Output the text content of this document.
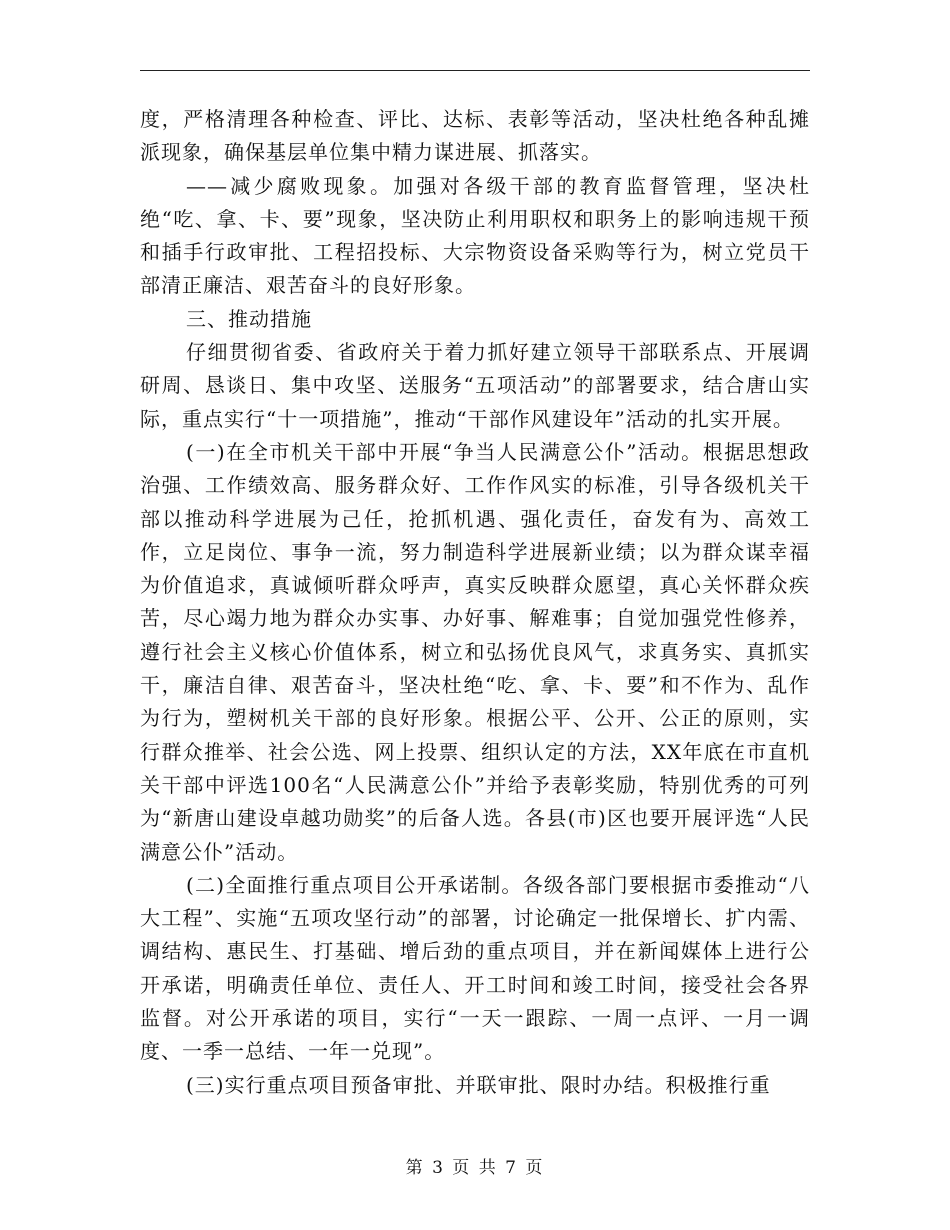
度，严格清理各种检查、评比、达标、表彰等活动，坚决杜绝各种乱摊派现象，确保基层单位集中精力谋进展、抓落实。

——减少腐败现象。加强对各级干部的教育监督管理，坚决杜绝“吃、拿、卡、要”现象，坚决防止利用职权和职务上的影响违规干预和插手行政审批、工程招投标、大宗物资设备采购等行为，树立党员干部清正廉洁、艰苦奋斗的良好形象。

三、推动措施

仔细贯彻省委、省政府关于着力抓好建立领导干部联系点、开展调研周、恳谈日、集中攻坚、送服务“五项活动”的部署要求，结合唐山实际，重点实行“十一项措施”，推动“干部作风建设年”活动的扎实开展。

(一)在全市机关干部中开展“争当人民满意公仆”活动。根据思想政治强、工作绩效高、服务群众好、工作作风实的标准，引导各级机关干部以推动科学进展为己任，抢抓机遇、强化责任，奋发有为、高效工作，立足岗位、事争一流，努力制造科学进展新业绩；以为群众谋幸福为价值追求，真诚倾听群众呼声，真实反映群众愿望，真心关怀群众疾苦，尽心竭力地为群众办实事、办好事、解难事；自觉加强党性修养，遵行社会主义核心价值体系，树立和弘扬优良风气，求真务实、真抓实干，廉洁自律、艰苦奋斗，坚决杜绝“吃、拿、卡、要”和不作为、乱作为行为，塑树机关干部的良好形象。根据公平、公开、公正的原则，实行群众推举、社会公选、网上投票、组织认定的方法，XX年底在市直机关干部中评选100名“人民满意公仆”并给予表彰奖励，特别优秀的可列为“新唐山建设卓越功勋奖”的后备人选。各县(市)区也要开展评选“人民满意公仆”活动。

(二)全面推行重点项目公开承诺制。各级各部门要根据市委推动“八大工程”、实施“五项攻坚行动”的部署，讨论确定一批保增长、扩内需、调结构、惠民生、打基础、增后劲的重点项目，并在新闻媒体上进行公开承诺，明确责任单位、责任人、开工时间和竣工时间，接受社会各界监督。对公开承诺的项目，实行“一天一跟踪、一周一点评、一月一调度、一季一总结、一年一兑现”。

(三)实行重点项目预备审批、并联审批、限时办结。积极推行重

第 3 页 共 7 页
